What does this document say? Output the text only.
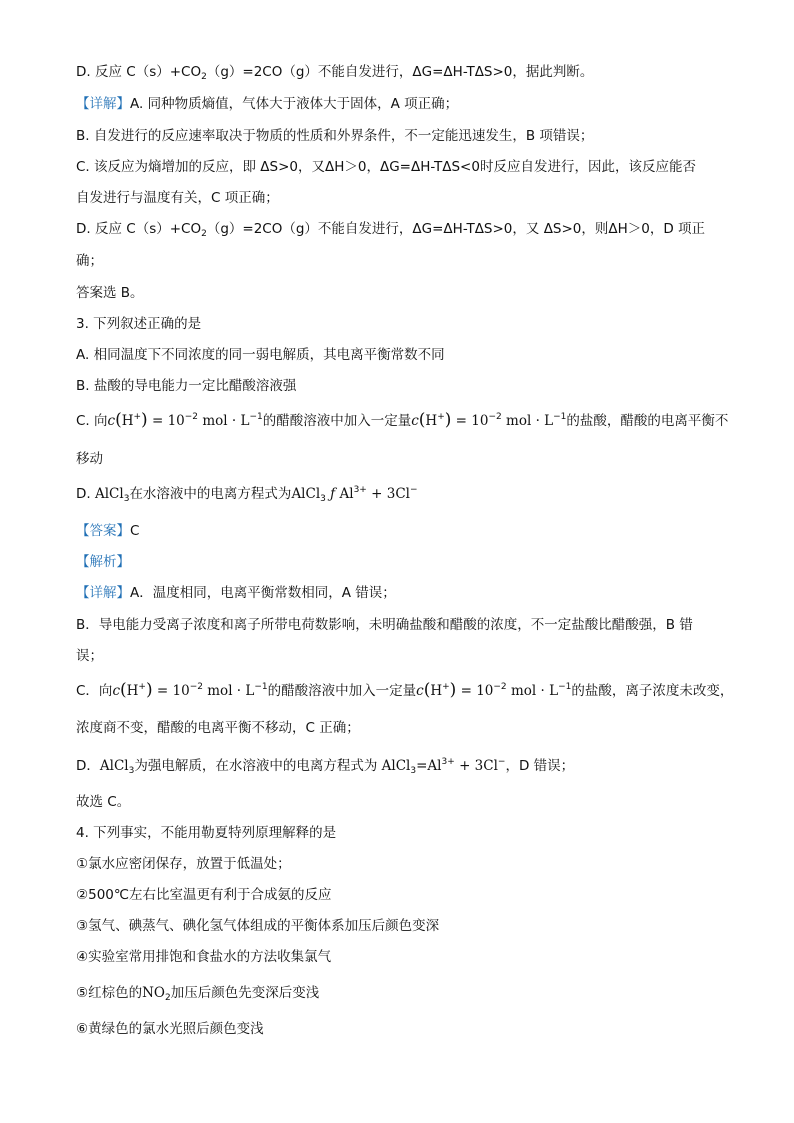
D. 反应 $C(s)+CO_2(g)=2CO(g)$不能自发进行，ΔG=ΔH-TΔS>0，据此判断。
【详解】A. 同种物质熵值，气体大于液体大于固体，A 项正确；
B. 自发进行的反应速率取决于物质的性质和外界条件，不一定能迅速发生，B 项错误；
C. 该反应为熵增加的反应，即 ΔS>0，又ΔH＞0，ΔG=ΔH-TΔS<0时反应自发进行，因此，该反应能否
自发进行与温度有关，C 项正确；
D. 反应 $C(s)+CO_2(g)=2CO(g)$不能自发进行，ΔG=ΔH-TΔS>0，又 ΔS>0，则ΔH＞0，D 项正
确；
答案选 B。
3. 下列叙述正确的是
A. 相同温度下不同浓度的同一弱电解质，其电离平衡常数不同
B. 盐酸的导电能力一定比醋酸溶液强
C. 向$c(H^+) = 10^{-2}$ mol · $L^{-1}$的醋酸溶液中加入一定量$c(H^+) = 10^{-2}$ mol · $L^{-1}$的盐酸，醋酸的电离平衡不
移动
D. AlCl$_3$在水溶液中的电离方程式为AlCl$_3$ ƒ $Al^{3+} + 3Cl^-$
【答案】C
【解析】
【详解】A．温度相同，电离平衡常数相同，A 错误；
B．导电能力受离子浓度和离子所带电荷数影响，未明确盐酸和醋酸的浓度，不一定盐酸比醋酸强，B 错
误；
C．向$c(H^+) = 10^{-2}$ mol · $L^{-1}$的醋酸溶液中加入一定量$c(H^+) = 10^{-2}$ mol · $L^{-1}$的盐酸，离子浓度未改变，
浓度商不变，醋酸的电离平衡不移动，C 正确；
D．AlCl$_3$为强电解质，在水溶液中的电离方程式为 $AlCl_3=Al^{3+} + 3Cl^-$，D 错误；
故选 C。
4. 下列事实，不能用勒夏特列原理解释的是
①氯水应密闭保存，放置于低温处；
②500℃左右比室温更有利于合成氨的反应
③氢气、碘蒸气、碘化氢气体组成的平衡体系加压后颜色变深
④实验室常用排饱和食盐水的方法收集氯气
⑤红棕色的$NO_2$加压后颜色先变深后变浅
⑥黄绿色的氯水光照后颜色变浅
